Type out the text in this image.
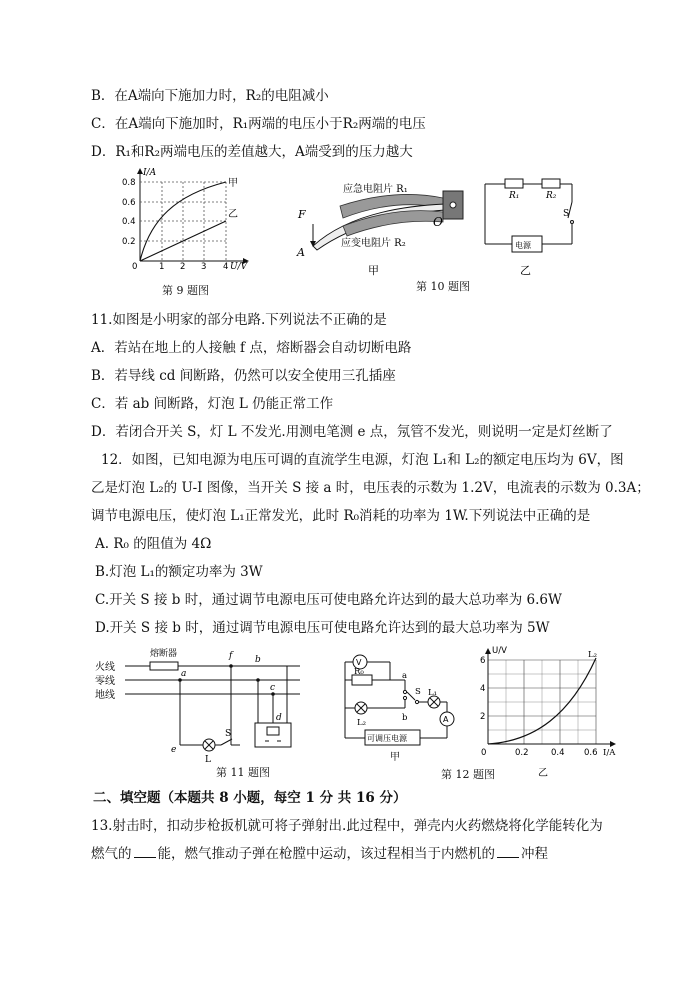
B．在A端向下施加力时，R₂的电阻减小
C．在A端向下施加时，R₁两端的电压小于R₂两端的电压
D．R₁和R₂两端电压的差值越大，A端受到的压力越大
I/A
U/V
0.8
0.6
0.4
0.2
0	1 2 3 4
甲
乙
第 9 题图
应急电阻片 R₁
应变电阻片 R₂
F
A
O
甲
R₁	R₂
S
电源
乙
第 10 题图
11.如图是小明家的部分电路.下列说法不正确的是
A．若站在地上的人接触 f 点，熔断器会自动切断电路
B．若导线 cd 间断路，仍然可以安全使用三孔插座
C．若 ab 间断路，灯泡 L 仍能正常工作
D．若闭合开关 S，灯 L 不发光.用测电笔测 e 点，氖管不发光，则说明一定是灯丝断了
12．如图，已知电源为电压可调的直流学生电源，灯泡 L₁和 L₂的额定电压均为 6V，图
乙是灯泡 L₂的 U-I 图像，当开关 S 接 a 时，电压表的示数为 1.2V，电流表的示数为 0.3A；
调节电源电压，使灯泡 L₁正常发光，此时 R₀消耗的功率为 1W.下列说法中正确的是
A. R₀ 的阻值为 4Ω
B.灯泡 L₁的额定功率为 3W
C.开关 S 接 b 时，通过调节电源电压可使电路允许达到的最大总功率为 6.6W
D.开关 S 接 b 时，通过调节电源电压可使电路允许达到的最大总功率为 5W
火线
零线
地线
熔断器
a
b
c
d
e
f
S
L
第 11 题图
V
A
可调压电源
R₀
L₂
L₁
a
b
S
甲
U/V
I/A
6
4
2
0	0.2	0.4 0.6
L₂
乙
第 12 题图
二、填空题（本题共 8 小题，每空 1 分 共 16 分）
13.射击时，扣动步枪扳机就可将子弹射出.此过程中，弹壳内火药燃烧将化学能转化为
燃气的 能，燃气推动子弹在枪膛中运动，该过程相当于内燃机的 冲程
